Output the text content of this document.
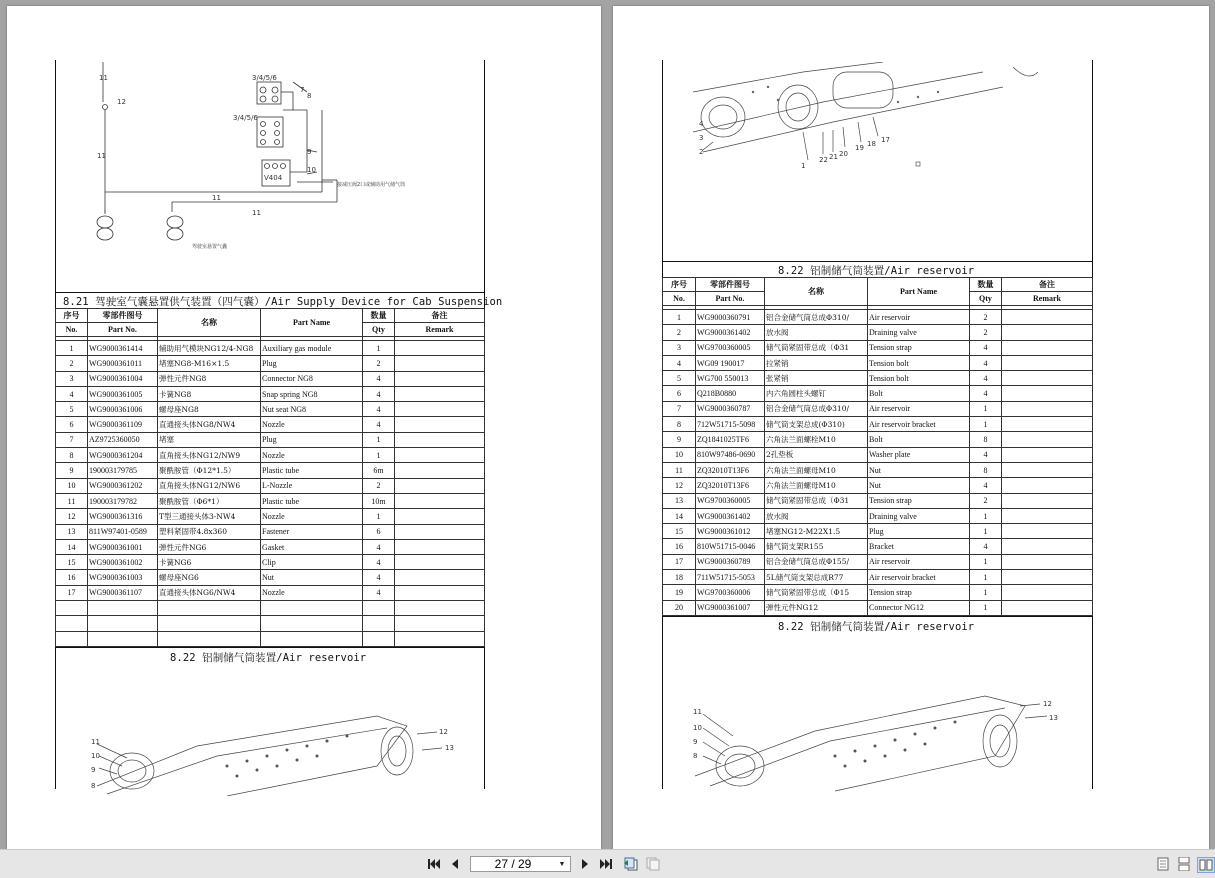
11
12
3/4/5/6
7
8
3/4/5/6
9
10
11
11
11
V404
接减压阀2口或辅助用气储气筒
驾驶室悬置气囊
8.21 驾驶室气囊悬置供气装置（四气囊）/Air Supply Device for Cab Suspension
序号	零部件图号	名称	Part Name	数量	备注
No.	Part No.			Qty	Remark

1	WG9000361414	辅助用气模块NG12/4-NG8	Auxiliary gas module	1	
2	WG9000361011	堵塞NG8-M16×1.5	Plug	2	
3	WG9000361004	弹性元件NG8	Connector NG8	4	
4	WG9000361005	卡簧NG8	Snap spring NG8	4	
5	WG9000361006	螺母座NG8	Nut seat NG8	4	
6	WG9000361109	直通接头体NG8/NW4	Nozzle	4	
7	AZ9725360050	堵塞	Plug	1	
8	WG9000361204	直角接头体NG12/NW9	Nozzle	1	
9	190003179785	聚酰胺管（Φ12*1.5）	Plastic tube	6m	
10	WG9000361202	直角接头体NG12/NW6	L-Nozzle	2	
11	190003179782	聚酰胺管（Φ6*1）	Plastic tube	10m	
12	WG9000361316	T型三通接头体3-NW4	Nozzle	1	
13	811W97401-0589	塑料紧固带4.8x360	Fastener	6	
14	WG9000361001	弹性元件NG6	Gasket	4	
15	WG9000361002	卡簧NG6	Clip	4	
16	WG9000361003	螺母座NG6	Nut	4	
17	WG9000361107	直通接头体NG6/NW4	Nozzle	4	

8.22 铝制储气筒装置/Air reservoir
11
10
9
8
12
13
2
1
22 21 20
19 18 17
4
3
8.22 铝制储气筒装置/Air reservoir
序号	零部件图号	名称	Part Name	数量	备注
No.	Part No.			Qty	Remark

1	WG9000360791	铝合金储气筒总成Φ310/	Air reservoir	2	
2	WG9000361402	放水阀	Draining valve	2	
3	WG9700360005	储气筒紧固带总成（Φ31	Tension strap	4	
4	WG09 190017	拉紧销	Tension bolt	4	
5	WG700 550013	张紧销	Tension bolt	4	
6	Q218B0880	内六角圆柱头螺钉	Bolt	4	
7	WG9000360787	铝合金储气筒总成Φ310/	Air reservoir	1	
8	712W51715-5098	储气筒支架总成(Φ310)	Air reservoir bracket	1	
9	ZQ1841025TF6	六角法兰面螺栓M10	Bolt	8	
10	810W97486-0690	2孔垫板	Washer plate	4	
11	ZQ32010T13F6	六角法兰面螺母M10	Nut	8	
12	ZQ32010T13F6	六角法兰面螺母M10	Nut	4	
13	WG9700360005	储气筒紧固带总成（Φ31	Tension strap	2	
14	WG9000361402	放水阀	Draining valve	1	
15	WG9000361012	堵塞NG12-M22X1.5	Plug	1	
16	810W51715-0046	储气筒支架R155	Bracket	4	
17	WG9000360789	铝合金储气筒总成Φ155/	Air reservoir	1	
18	711W51715-5053	5L储气筒支架总成R77	Air reservoir bracket	1	
19	WG9700360006	储气筒紧固带总成（Φ15	Tension strap	1	
20	WG9000361007	弹性元件NG12	Connector NG12	1	
8.22 铝制储气筒装置/Air reservoir
11
10
9
8
12
13
27 / 29
▼
